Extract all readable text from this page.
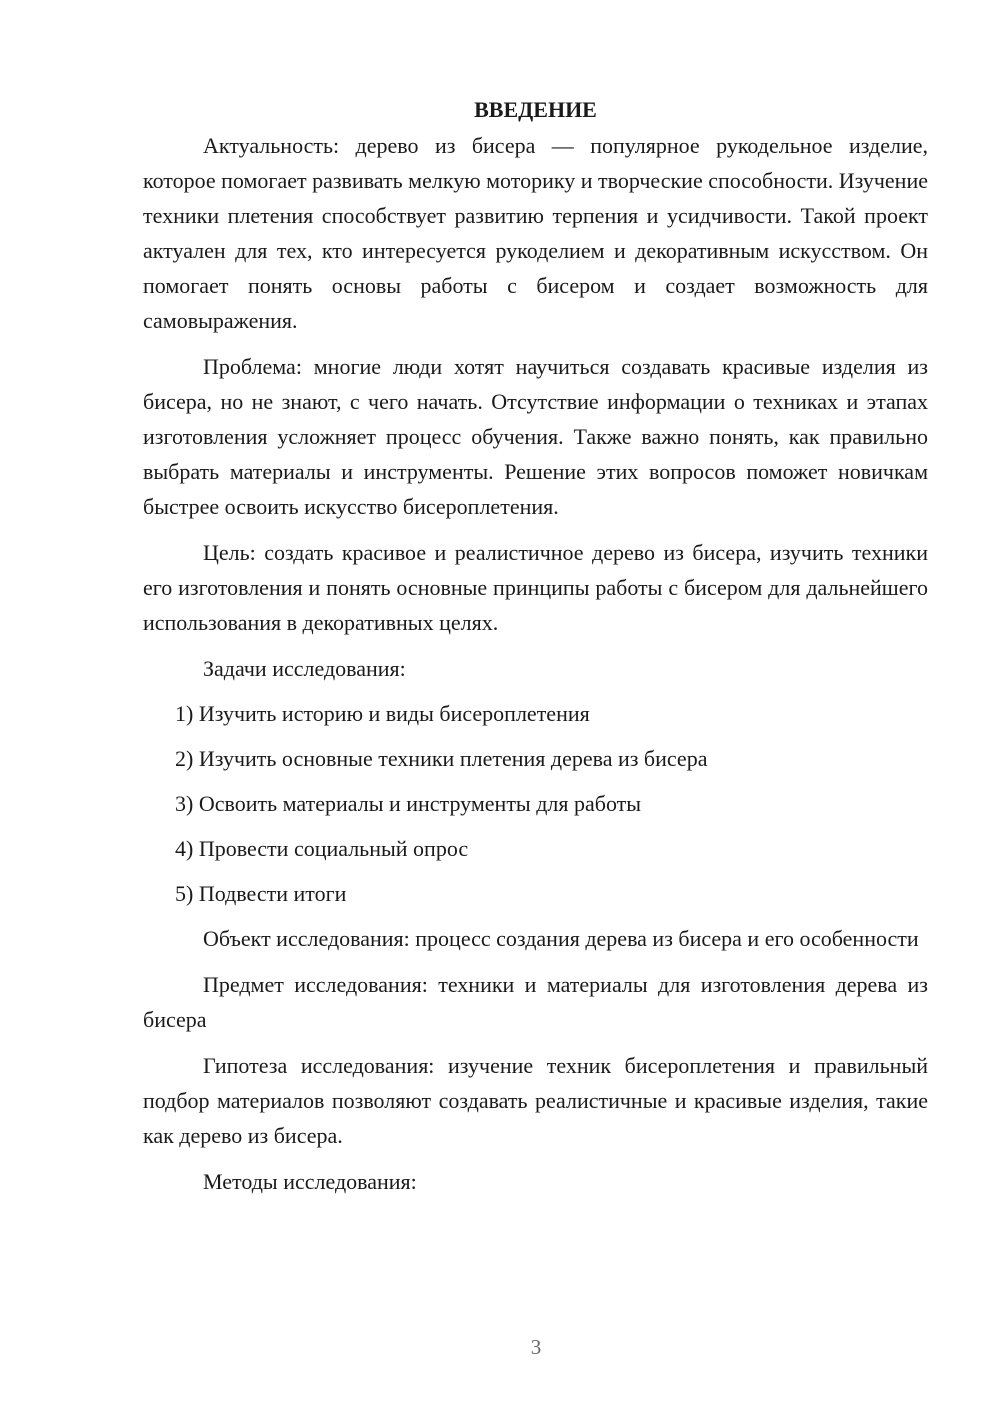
ВВЕДЕНИЕ

Актуальность: дерево из бисера — популярное рукодельное изделие, которое помогает развивать мелкую моторику и творческие способности. Изучение техники плетения способствует развитию терпения и усидчивости. Такой проект актуален для тех, кто интересуется рукоделием и декоративным искусством. Он помогает понять основы работы с бисером и создает возможность для самовыражения.

Проблема: многие люди хотят научиться создавать красивые изделия из бисера, но не знают, с чего начать. Отсутствие информации о техниках и этапах изготовления усложняет процесс обучения. Также важно понять, как правильно выбрать материалы и инструменты. Решение этих вопросов поможет новичкам быстрее освоить искусство бисероплетения.

Цель: создать красивое и реалистичное дерево из бисера, изучить техники его изготовления и понять основные принципы работы с бисером для дальнейшего использования в декоративных целях.

Задачи исследования:

1) Изучить историю и виды бисероплетения

2) Изучить основные техники плетения дерева из бисера

3) Освоить материалы и инструменты для работы

4) Провести социальный опрос

5) Подвести итоги

Объект исследования: процесс создания дерева из бисера и его особенности

Предмет исследования: техники и материалы для изготовления дерева из бисера

Гипотеза исследования: изучение техник бисероплетения и правильный подбор материалов позволяют создавать реалистичные и красивые изделия, такие как дерево из бисера.

Методы исследования:

3
